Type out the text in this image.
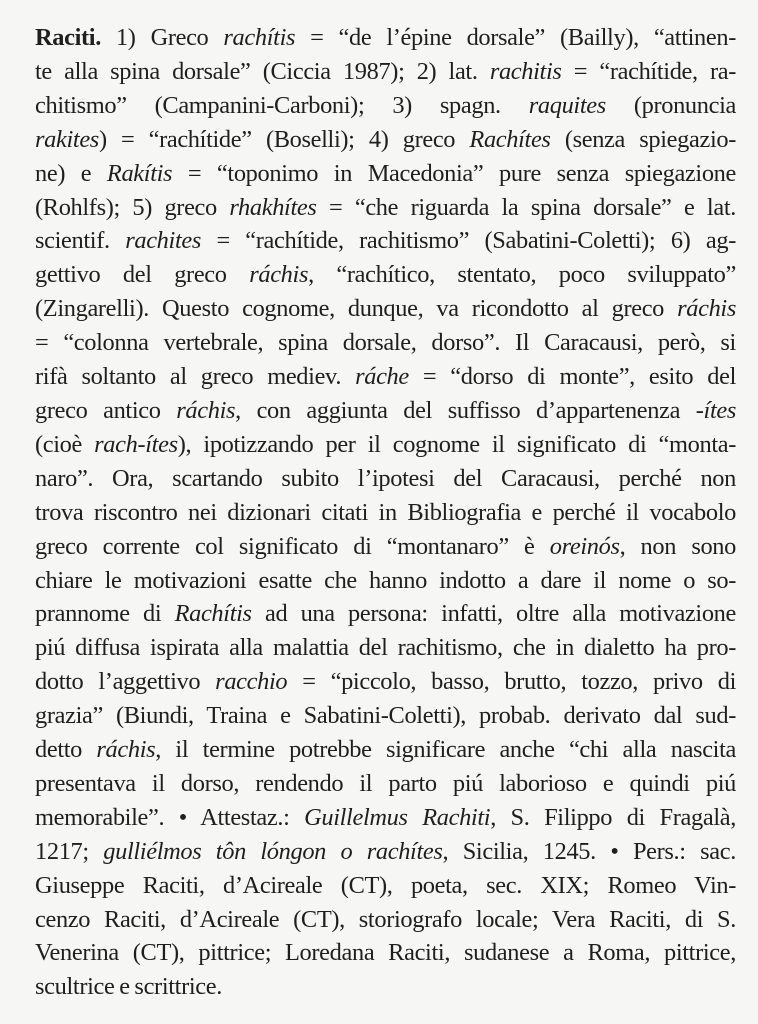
Raciti. 1) Greco rachítis = “de l’épine dorsale” (Bailly), “attinen-
te alla spina dorsale” (Ciccia 1987); 2) lat. rachitis = “rachítide, ra-
chitismo” (Campanini-Carboni); 3) spagn. raquites (pronuncia
rakites) = “rachítide” (Boselli); 4) greco Rachítes (senza spiegazio-
ne) e Rakítis = “toponimo in Macedonia” pure senza spiegazione
(Rohlfs); 5) greco rhakhítes = “che riguarda la spina dorsale” e lat.
scientif. rachites = “rachítide, rachitismo” (Sabatini-Coletti); 6) ag-
gettivo del greco ráchis, “rachítico, stentato, poco sviluppato”
(Zingarelli). Questo cognome, dunque, va ricondotto al greco ráchis
= “colonna vertebrale, spina dorsale, dorso”. Il Caracausi, però, si
rifà soltanto al greco mediev. ráche = “dorso di monte”, esito del
greco antico ráchis, con aggiunta del suffisso d’appartenenza -ítes
(cioè rach-ítes), ipotizzando per il cognome il significato di “monta-
naro”. Ora, scartando subito l’ipotesi del Caracausi, perché non
trova riscontro nei dizionari citati in Bibliografia e perché il vocabolo
greco corrente col significato di “montanaro” è oreinós, non sono
chiare le motivazioni esatte che hanno indotto a dare il nome o so-
prannome di Rachítis ad una persona: infatti, oltre alla motivazione
piú diffusa ispirata alla malattia del rachitismo, che in dialetto ha pro-
dotto l’aggettivo racchio = “piccolo, basso, brutto, tozzo, privo di
grazia” (Biundi, Traina e Sabatini-Coletti), probab. derivato dal sud-
detto ráchis, il termine potrebbe significare anche “chi alla nascita
presentava il dorso, rendendo il parto piú laborioso e quindi piú
memorabile”. • Attestaz.: Guillelmus Rachiti, S. Filippo di Fragalà,
1217; gulliélmos tôn lóngon o rachítes, Sicilia, 1245. • Pers.: sac.
Giuseppe Raciti, d’Acireale (CT), poeta, sec. XIX; Romeo Vin-
cenzo Raciti, d’Acireale (CT), storiografo locale; Vera Raciti, di S.
Venerina (CT), pittrice; Loredana Raciti, sudanese a Roma, pittrice,
scultrice e scrittrice.
